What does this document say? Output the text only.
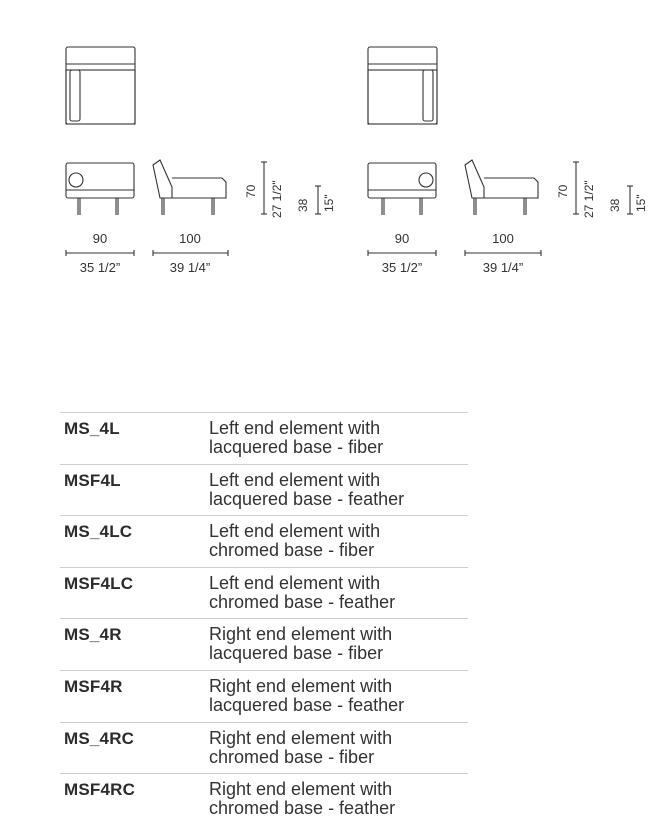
90
35 1/2”
100
39 1/4”
70 27 1/2" 38 15"
90
35 1/2”
100
39 1/4”
70 27 1/2" 38 15"
MS_4L	Left end element with
lacquered base - fiber
MSF4L	Left end element with
lacquered base - feather
MS_4LC	Left end element with
chromed base - fiber
MSF4LC	Left end element with
chromed base - feather
MS_4R	Right end element with
lacquered base - fiber
MSF4R	Right end element with
lacquered base - feather
MS_4RC	Right end element with
chromed base - fiber
MSF4RC	Right end element with
chromed base - feather
